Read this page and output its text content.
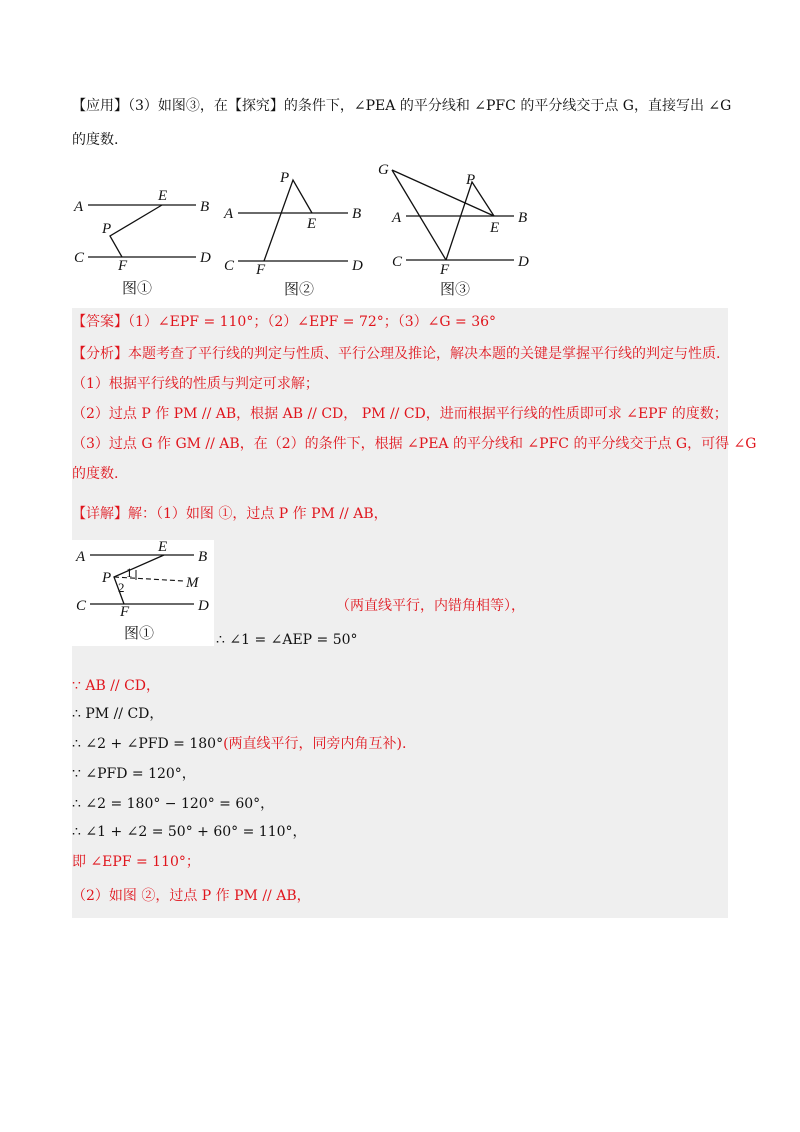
【应用】（3）如图③，在【探究】的条件下，∠PEA 的平分线和 ∠PFC 的平分线交于点 G，直接写出 ∠G
的度数.
A	B
C	D
E
P
F
图①
A	B
C	D
E
P
F
图②
G
A	B
C	D
E
P
F
图③
【答案】（1）∠EPF = 110°；（2）∠EPF = 72°；（3）∠G = 36°
【分析】本题考查了平行线的判定与性质、平行公理及推论，解决本题的关键是掌握平行线的判定与性质.
（1）根据平行线的性质与判定可求解；
（2）过点 P 作 PM // AB，根据 AB // CD， PM // CD，进而根据平行线的性质即可求 ∠EPF 的度数；
（3）过点 G 作 GM // AB，在（2）的条件下，根据 ∠PEA 的平分线和 ∠PFC 的平分线交于点 G，可得 ∠G
的度数.
【详解】解：（1）如图 ①，过点 P 作 PM // AB，
A	B
C	D
E
P
F
M
1
2
图①
（两直线平行，内错角相等），
∴ ∠1 = ∠AEP = 50°
∵ AB // CD，
∴ PM // CD，
∴ ∠2 + ∠PFD = 180°(两直线平行，同旁内角互补).
∵ ∠PFD = 120°，
∴ ∠2 = 180° − 120° = 60°，
∴ ∠1 + ∠2 = 50° + 60° = 110°，
即 ∠EPF = 110°；
（2）如图 ②，过点 P 作 PM // AB，
